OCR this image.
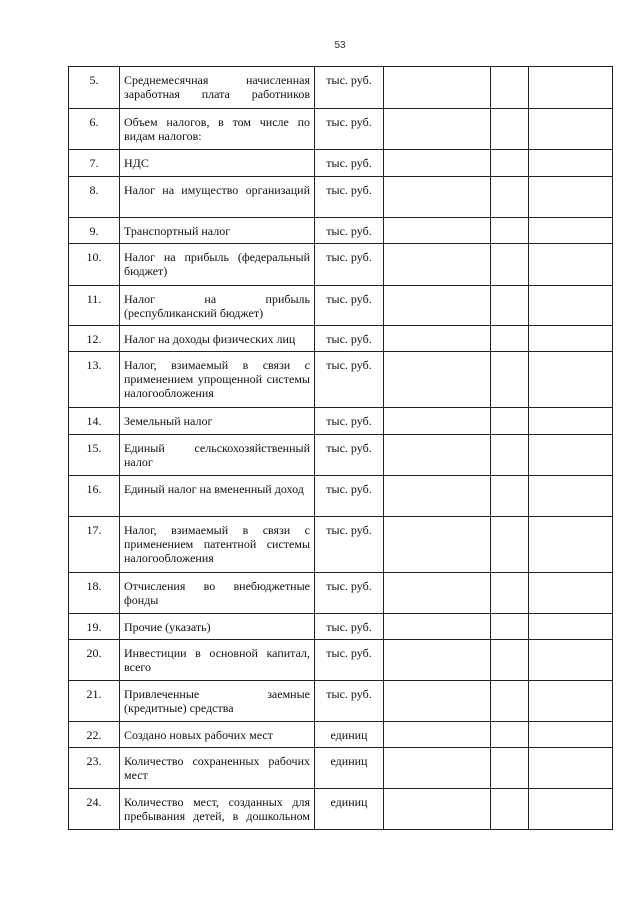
53
5.	Среднемесячная начисленная заработная плата работников	тыс. руб.			
6.	Объем налогов, в том числе по видам налогов:	тыс. руб.			
7.	НДС	тыс. руб.			
8.	Налог на имущество организаций	тыс. руб.			
9.	Транспортный налог	тыс. руб.			
10.	Налог на прибыль (федеральный бюджет)	тыс. руб.			
11.	Налог на прибыль (республиканский бюджет)	тыс. руб.			
12.	Налог на доходы физических лиц	тыс. руб.			
13.	Налог, взимаемый в связи с применением упрощенной системы налогообложения	тыс. руб.			
14.	Земельный налог	тыс. руб.			
15.	Единый сельскохозяйственный налог	тыс. руб.			
16.	Единый налог на вмененный доход	тыс. руб.			
17.	Налог, взимаемый в связи с применением патентной системы налогообложения	тыс. руб.			
18.	Отчисления во внебюджетные фонды	тыс. руб.			
19.	Прочие (указать)	тыс. руб.			
20.	Инвестиции в основной капитал, всего	тыс. руб.			
21.	Привлеченные заемные (кредитные) средства	тыс. руб.			
22.	Создано новых рабочих мест	единиц			
23.	Количество сохраненных рабочих мест	единиц			
24.	Количество мест, созданных для пребывания детей, в дошкольном	единиц			
